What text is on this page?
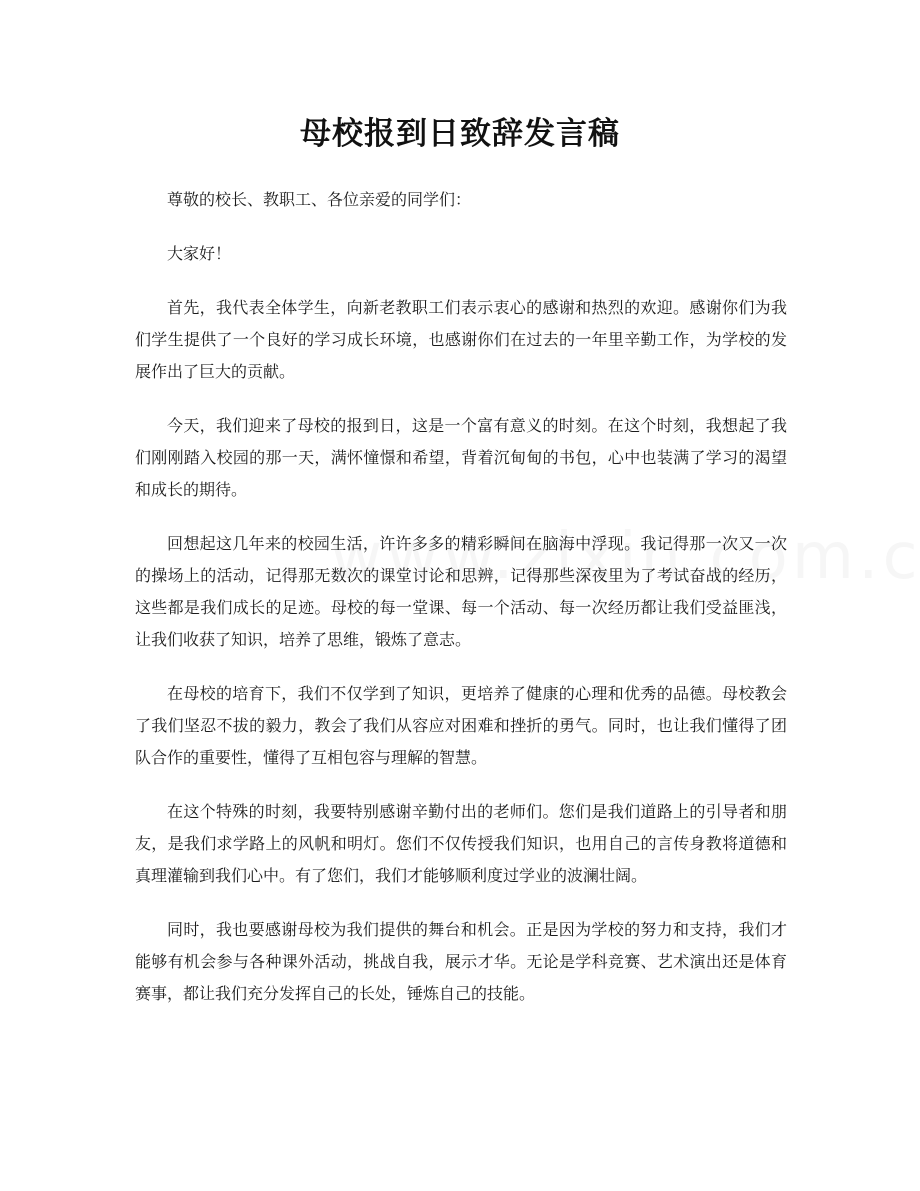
母校报到日致辞发言稿

尊敬的校长、教职工、各位亲爱的同学们：

大家好！

首先，我代表全体学生，向新老教职工们表示衷心的感谢和热烈的欢迎。感谢你们为我们学生提供了一个良好的学习成长环境，也感谢你们在过去的一年里辛勤工作，为学校的发展作出了巨大的贡献。

今天，我们迎来了母校的报到日，这是一个富有意义的时刻。在这个时刻，我想起了我们刚刚踏入校园的那一天，满怀憧憬和希望，背着沉甸甸的书包，心中也装满了学习的渴望和成长的期待。

回想起这几年来的校园生活，许许多多的精彩瞬间在脑海中浮现。我记得那一次又一次的操场上的活动，记得那无数次的课堂讨论和思辨，记得那些深夜里为了考试奋战的经历，这些都是我们成长的足迹。母校的每一堂课、每一个活动、每一次经历都让我们受益匪浅，让我们收获了知识，培养了思维，锻炼了意志。

在母校的培育下，我们不仅学到了知识，更培养了健康的心理和优秀的品德。母校教会了我们坚忍不拔的毅力，教会了我们从容应对困难和挫折的勇气。同时，也让我们懂得了团队合作的重要性，懂得了互相包容与理解的智慧。

在这个特殊的时刻，我要特别感谢辛勤付出的老师们。您们是我们道路上的引导者和朋友，是我们求学路上的风帆和明灯。您们不仅传授我们知识，也用自己的言传身教将道德和真理灌输到我们心中。有了您们，我们才能够顺利度过学业的波澜壮阔。

同时，我也要感谢母校为我们提供的舞台和机会。正是因为学校的努力和支持，我们才能够有机会参与各种课外活动，挑战自我，展示才华。无论是学科竞赛、艺术演出还是体育赛事，都让我们充分发挥自己的长处，锤炼自己的技能。
